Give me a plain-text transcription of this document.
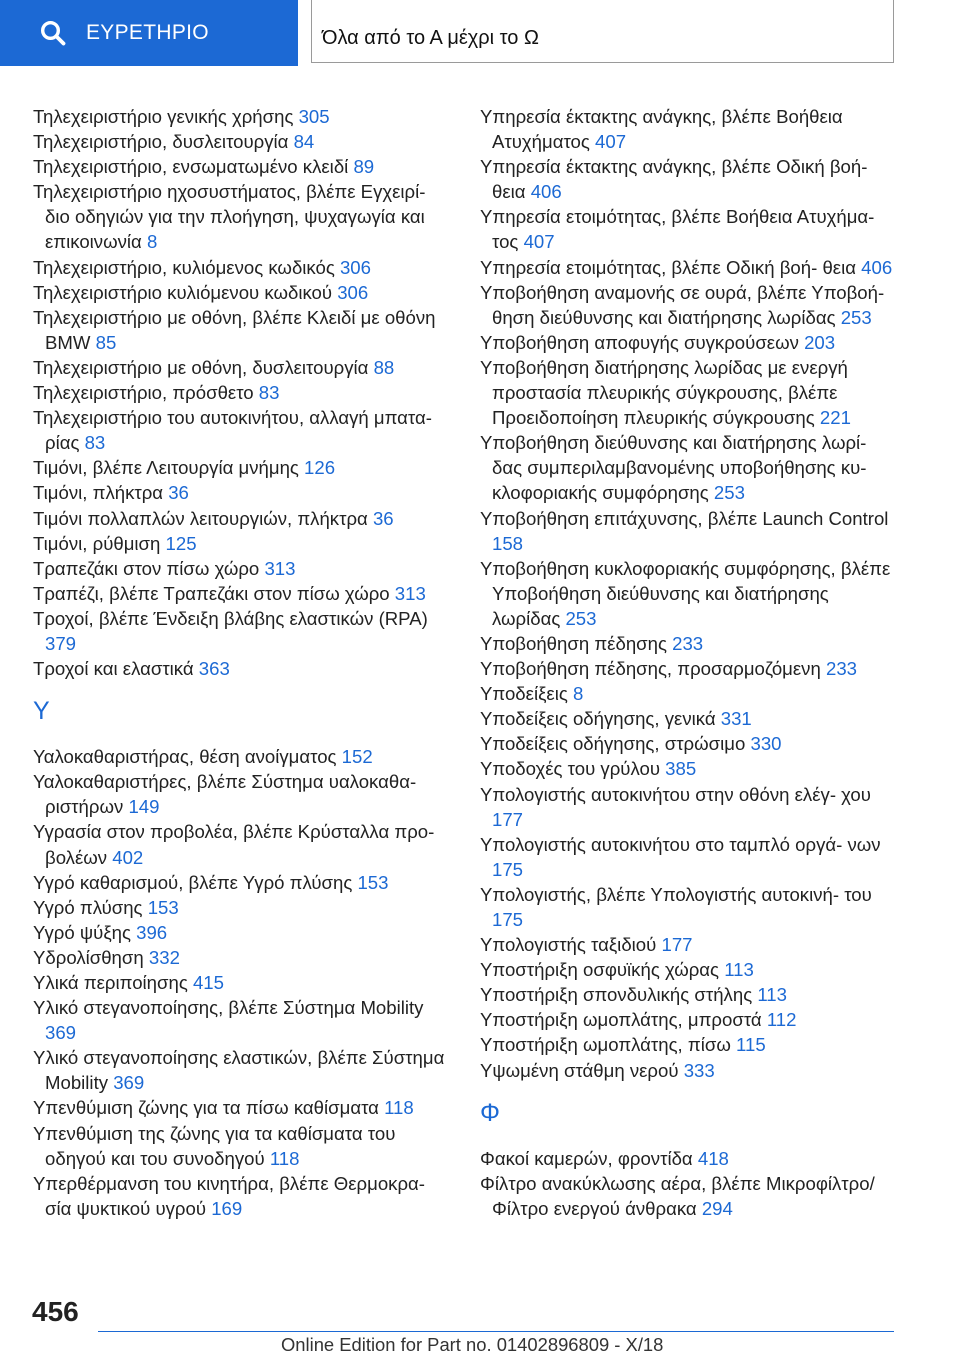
ΕΥΡΕΤΗΡΙΟ	Όλα από το Α μέχρι το Ω

Τηλεχειριστήριο γενικής χρήσης 305

Τηλεχειριστήριο, δυσλειτουργία 84

Τηλεχειριστήριο, ενσωματωμένο κλειδί 89

Τηλεχειριστήριο ηχοσυστήματος, βλέπε Εγχειρί‐ διο οδηγιών για την πλοήγηση, ψυχαγωγία και επικοινωνία 8

Τηλεχειριστήριο, κυλιόμενος κωδικός 306

Τηλεχειριστήριο κυλιόμενου κωδικού 306

Τηλεχειριστήριο με οθόνη, βλέπε Κλειδί με οθόνη BMW 85

Τηλεχειριστήριο με οθόνη, δυσλειτουργία 88

Τηλεχειριστήριο, πρόσθετο 83

Τηλεχειριστήριο του αυτοκινήτου, αλλαγή μπατα‐ ρίας 83

Τιμόνι, βλέπε Λειτουργία μνήμης 126

Τιμόνι, πλήκτρα 36

Τιμόνι πολλαπλών λειτουργιών, πλήκτρα 36

Τιμόνι, ρύθμιση 125

Τραπεζάκι στον πίσω χώρο 313

Τραπέζι, βλέπε Τραπεζάκι στον πίσω χώρο 313

Τροχοί, βλέπε Ένδειξη βλάβης ελαστικών (RPA) 379

Τροχοί και ελαστικά 363

Y

Υαλοκαθαριστήρας, θέση ανοίγματος 152

Υαλοκαθαριστήρες, βλέπε Σύστημα υαλοκαθα‐ ριστήρων 149

Υγρασία στον προβολέα, βλέπε Κρύσταλλα προ‐ βολέων 402

Υγρό καθαρισμού, βλέπε Υγρό πλύσης 153

Υγρό πλύσης 153

Υγρό ψύξης 396

Υδρολίσθηση 332

Υλικά περιποίησης 415

Υλικό στεγανοποίησης, βλέπε Σύστημα Mobility 369

Υλικό στεγανοποίησης ελαστικών, βλέπε Σύστημα Mobility 369

Υπενθύμιση ζώνης για τα πίσω καθίσματα 118

Υπενθύμιση της ζώνης για τα καθίσματα του οδηγού και του συνοδηγού 118

Υπερθέρμανση του κινητήρα, βλέπε Θερμοκρα‐ σία ψυκτικού υγρού 169

Υπηρεσία έκτακτης ανάγκης, βλέπε Βοήθεια Ατυχήματος 407

Υπηρεσία έκτακτης ανάγκης, βλέπε Οδική βοή‐ θεια 406

Υπηρεσία ετοιμότητας, βλέπε Βοήθεια Ατυχήμα‐ τος 407

Υπηρεσία ετοιμότητας, βλέπε Οδική βοή‐ θεια 406

Υποβοήθηση αναμονής σε ουρά, βλέπε Υποβοή‐ θηση διεύθυνσης και διατήρησης λωρίδας 253

Υποβοήθηση αποφυγής συγκρούσεων 203

Υποβοήθηση διατήρησης λωρίδας με ενεργή προστασία πλευρικής σύγκρουσης, βλέπε Προειδοποίηση πλευρικής σύγκρουσης 221

Υποβοήθηση διεύθυνσης και διατήρησης λωρί‐ δας συμπεριλαμβανομένης υποβοήθησης κυ‐ κλοφοριακής συμφόρησης 253

Υποβοήθηση επιτάχυνσης, βλέπε Launch Control 158

Υποβοήθηση κυκλοφοριακής συμφόρησης, βλέπε Υποβοήθηση διεύθυνσης και διατήρησης λωρίδας 253

Υποβοήθηση πέδησης 233

Υποβοήθηση πέδησης, προσαρμοζόμενη 233

Υποδείξεις 8

Υποδείξεις οδήγησης, γενικά 331

Υποδείξεις οδήγησης, στρώσιμο 330

Υποδοχές του γρύλου 385

Υπολογιστής αυτοκινήτου στην οθόνη ελέγ‐ χου 177

Υπολογιστής αυτοκινήτου στο ταμπλό οργά‐ νων 175

Υπολογιστής, βλέπε Υπολογιστής αυτοκινή‐ του 175

Υπολογιστής ταξιδιού 177

Υποστήριξη οσφυϊκής χώρας 113

Υποστήριξη σπονδυλικής στήλης 113

Υποστήριξη ωμοπλάτης, μπροστά 112

Υποστήριξη ωμοπλάτης, πίσω 115

Υψωμένη στάθμη νερού 333

Φ

Φακοί καμερών, φροντίδα 418

Φίλτρο ανακύκλωσης αέρα, βλέπε Μικροφίλτρο/ Φίλτρο ενεργού άνθρακα 294

456
Online Edition for Part no. 01402896809 - X/18
